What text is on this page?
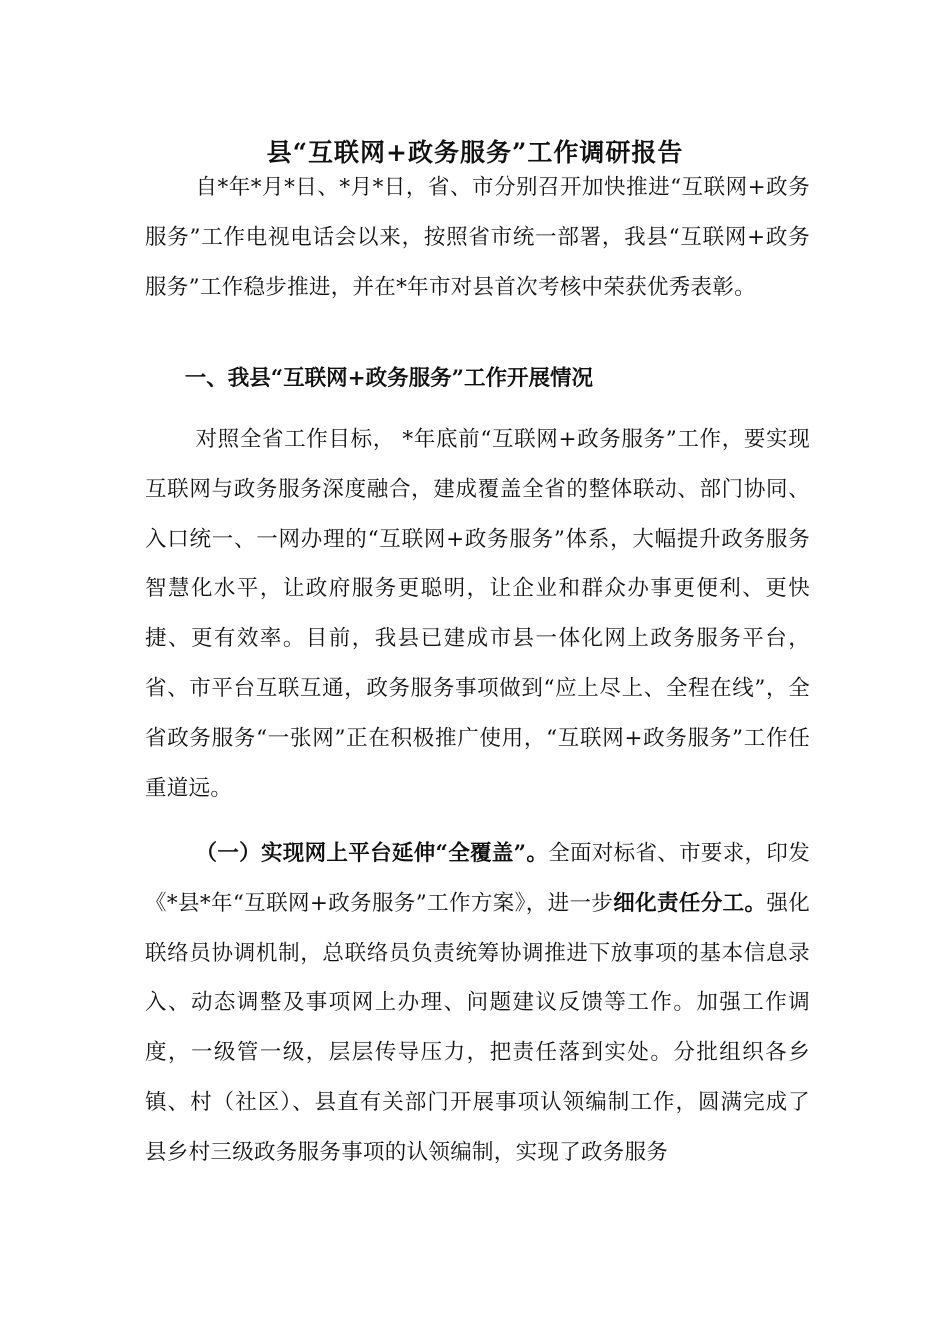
县“互联网+政务服务”工作调研报告
自*年*月*日、*月*日，省、市分别召开加快推进“互联网+政务服务”工作电视电话会以来，按照省市统一部署，我县“互联网+政务服务”工作稳步推进，并在*年市对县首次考核中荣获优秀表彰。
一、我县“互联网+政务服务”工作开展情况
对照全省工作目标， *年底前“互联网+政务服务”工作，要实现互联网与政务服务深度融合，建成覆盖全省的整体联动、部门协同、入口统一、一网办理的“互联网+政务服务”体系，大幅提升政务服务智慧化水平，让政府服务更聪明，让企业和群众办事更便利、更快捷、更有效率。目前，我县已建成市县一体化网上政务服务平台，省、市平台互联互通，政务服务事项做到“应上尽上、全程在线”，全省政务服务“一张网”正在积极推广使用，“互联网+政务服务”工作任重道远。
（一）实现网上平台延伸“全覆盖”。全面对标省、市要求，印发《*县*年“互联网+政务服务”工作方案》，进一步细化责任分工。强化联络员协调机制，总联络员负责统筹协调推进下放事项的基本信息录入、动态调整及事项网上办理、问题建议反馈等工作。加强工作调度，一级管一级，层层传导压力，把责任落到实处。分批组织各乡镇、村（社区）、县直有关部门开展事项认领编制工作，圆满完成了县乡村三级政务服务事项的认领编制，实现了政务服务
